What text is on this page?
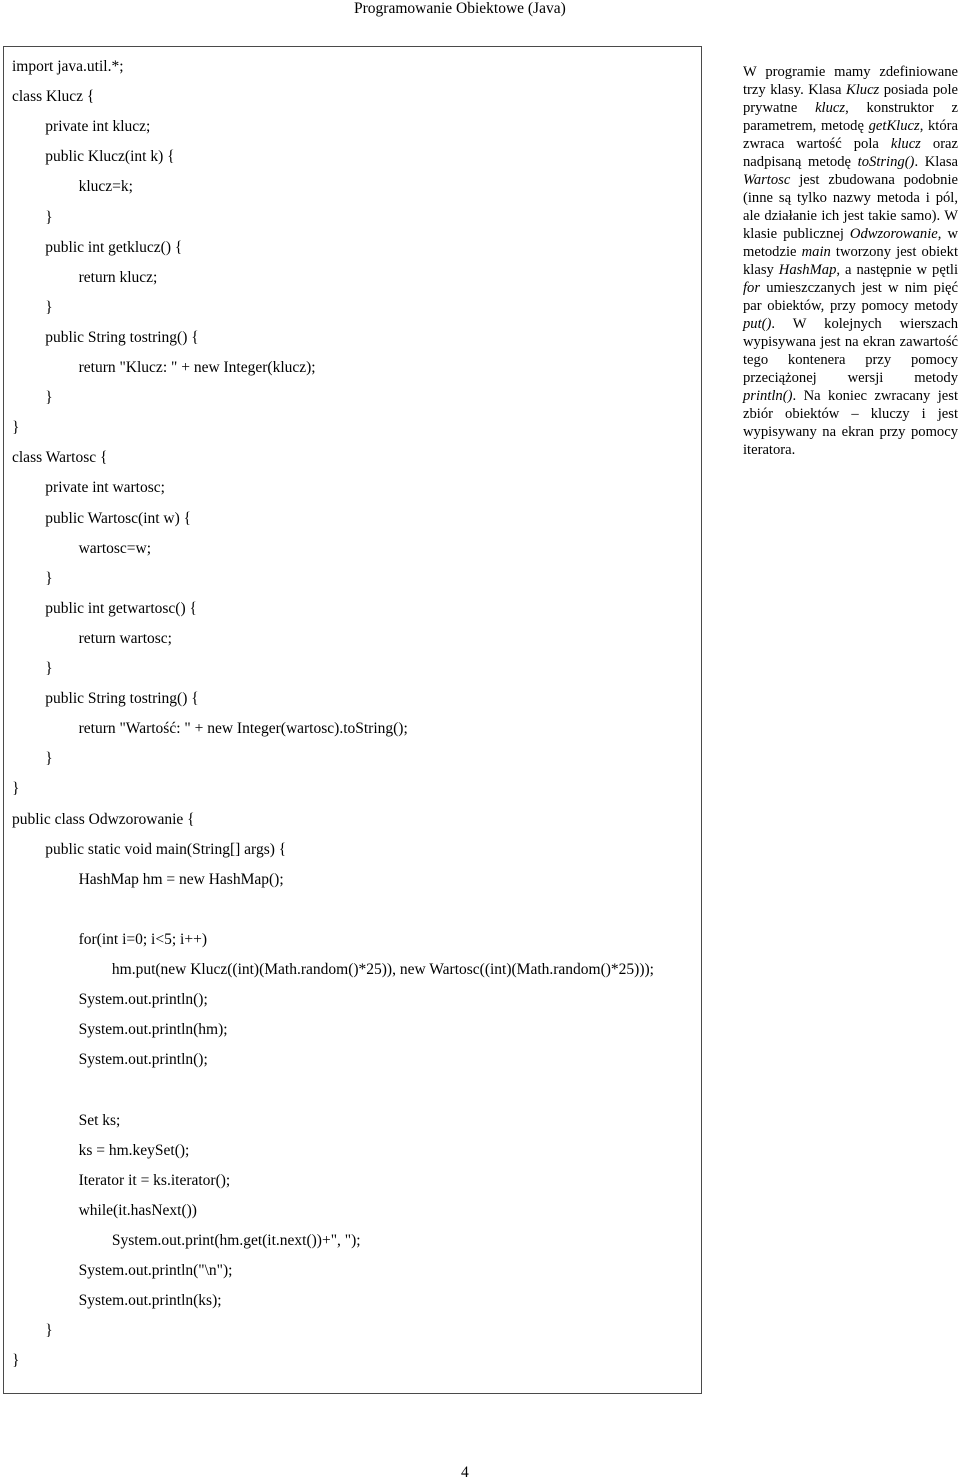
Programowanie Obiektowe (Java)
import java.util.*;
class Klucz {
private int klucz;
public Klucz(int k) {
klucz=k;
}
public int getklucz() {
return klucz;
}
public String tostring() {
return "Klucz: " + new Integer(klucz);
}
}
class Wartosc {
private int wartosc;
public Wartosc(int w) {
wartosc=w;
}
public int getwartosc() {
return wartosc;
}
public String tostring() {
return "Wartość: " + new Integer(wartosc).toString();
}
}
public class Odwzorowanie {
public static void main(String[] args) {
HashMap hm = new HashMap();
for(int i=0; i<5; i++)
hm.put(new Klucz((int)(Math.random()*25)), new Wartosc((int)(Math.random()*25)));
System.out.println();
System.out.println(hm);
System.out.println();
Set ks;
ks = hm.keySet();
Iterator it = ks.iterator();
while(it.hasNext())
System.out.print(hm.get(it.next())+", ");
System.out.println("\n");
System.out.println(ks);
}
}
W programie mamy zdefiniowane trzy klasy. Klasa Klucz posiada pole prywatne klucz, konstruktor z parametrem, metodę getKlucz, która zwraca wartość pola klucz oraz nadpisaną metodę toString(). Klasa Wartosc jest zbudowana podobnie (inne są tylko nazwy metoda i pól, ale działanie ich jest takie samo). W klasie publicznej Odwzorowanie, w metodzie main tworzony jest obiekt klasy HashMap, a następnie w pętli for umieszczanych jest w nim pięć par obiektów, przy pomocy metody put(). W kolejnych wierszach wypisywana jest na ekran zawartość tego kontenera przy pomocy przeciążonej wersji metody println(). Na koniec zwracany jest zbiór obiektów – kluczy i jest wypisywany na ekran przy pomocy iteratora.
4
